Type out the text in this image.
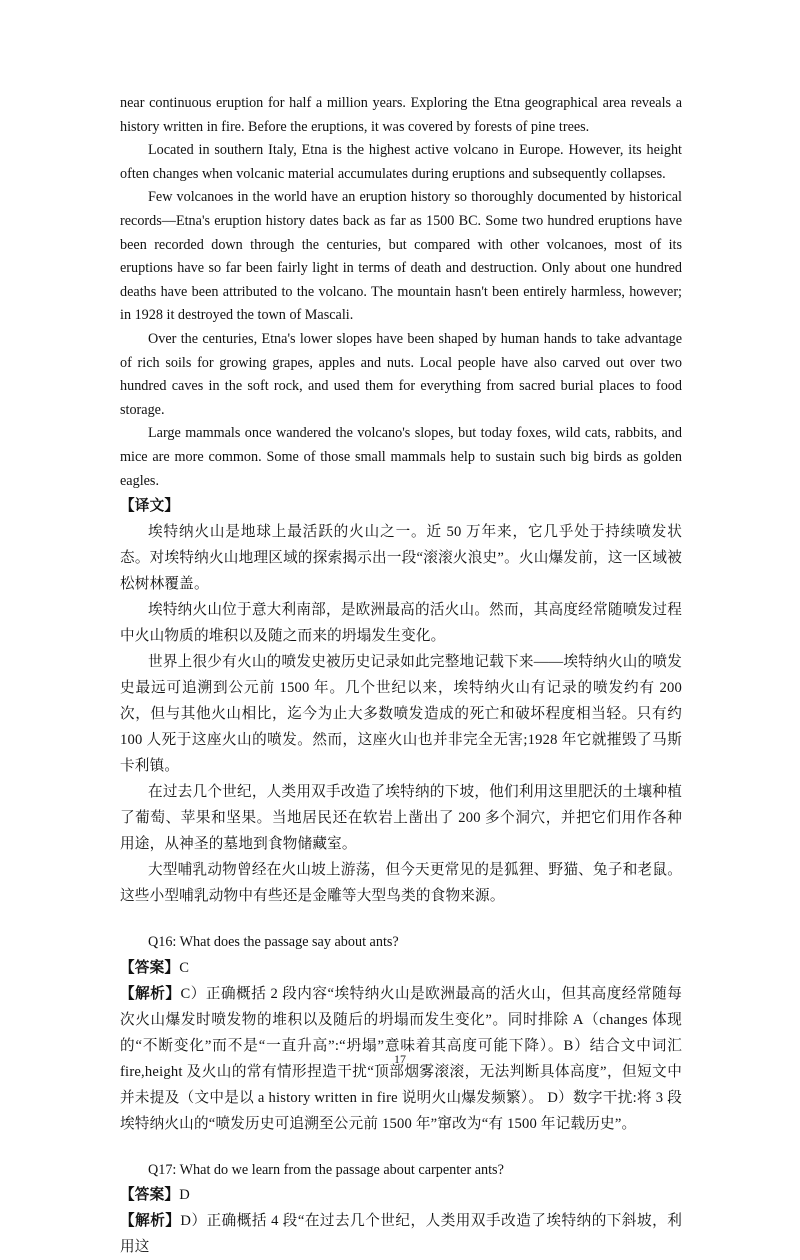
near continuous eruption for half a million years. Exploring the Etna geographical area reveals a history written in fire. Before the eruptions, it was covered by forests of pine trees.

Located in southern Italy, Etna is the highest active volcano in Europe. However, its height often changes when volcanic material accumulates during eruptions and subsequently collapses.

Few volcanoes in the world have an eruption history so thoroughly documented by historical records—Etna's eruption history dates back as far as 1500 BC. Some two hundred eruptions have been recorded down through the centuries, but compared with other volcanoes, most of its eruptions have so far been fairly light in terms of death and destruction. Only about one hundred deaths have been attributed to the volcano. The mountain hasn't been entirely harmless, however; in 1928 it destroyed the town of Mascali.

Over the centuries, Etna's lower slopes have been shaped by human hands to take advantage of rich soils for growing grapes, apples and nuts. Local people have also carved out over two hundred caves in the soft rock, and used them for everything from sacred burial places to food storage.

Large mammals once wandered the volcano's slopes, but today foxes, wild cats, rabbits, and mice are more common. Some of those small mammals help to sustain such big birds as golden eagles.

【译文】

埃特纳火山是地球上最活跃的火山之一。近 50 万年来，它几乎处于持续喷发状态。对埃特纳火山地理区域的探索揭示出一段“滚滚火浪史”。火山爆发前，这一区域被松树林覆盖。

埃特纳火山位于意大利南部，是欧洲最高的活火山。然而，其高度经常随喷发过程中火山物质的堆积以及随之而来的坍塌发生变化。

世界上很少有火山的喷发史被历史记录如此完整地记载下来——埃特纳火山的喷发史最远可追溯到公元前 1500 年。几个世纪以来，埃特纳火山有记录的喷发约有 200 次，但与其他火山相比，迄今为止大多数喷发造成的死亡和破坏程度相当轻。只有约 100 人死于这座火山的喷发。然而，这座火山也并非完全无害;1928 年它就摧毁了马斯卡利镇。

在过去几个世纪，人类用双手改造了埃特纳的下坡，他们利用这里肥沃的土壤种植了葡萄、苹果和坚果。当地居民还在软岩上凿出了 200 多个洞穴，并把它们用作各种用途，从神圣的墓地到食物储藏室。

大型哺乳动物曾经在火山坡上游荡，但今天更常见的是狐狸、野猫、兔子和老鼠。这些小型哺乳动物中有些还是金雕等大型鸟类的食物来源。

Q16: What does the passage say about ants?

【答案】C

【解析】C）正确概括 2 段内容“埃特纳火山是欧洲最高的活火山，但其高度经常随每次火山爆发时喷发物的堆积以及随后的坍塌而发生变化”。同时排除 A（changes 体现的“不断变化”而不是“一直升高”:“坍塌”意味着其高度可能下降）。B）结合文中词汇 fire,height 及火山的常有情形捏造干扰“顶部烟雾滚滚，无法判断具体高度”，但短文中并未提及（文中是以 a history written in fire 说明火山爆发频繁）。 D）数字干扰:将 3 段埃特纳火山的“喷发历史可追溯至公元前 1500 年”窜改为“有 1500 年记载历史”。

Q17: What do we learn from the passage about carpenter ants?

【答案】D

【解析】D）正确概括 4 段“在过去几个世纪，人类用双手改造了埃特纳的下斜坡，利用这

17
